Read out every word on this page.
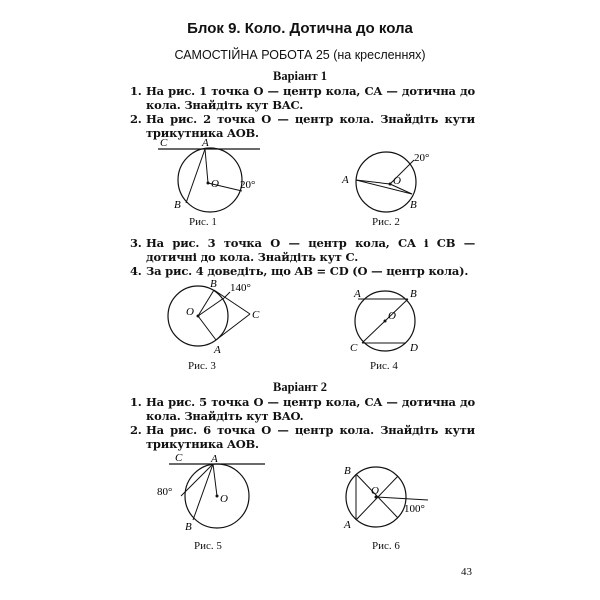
Блок 9. Коло. Дотична до кола
САМОСТІЙНА РОБОТА 25 (на кресленнях)
Варіант 1
1. На рис. 1 точка O — центр кола, CA — дотична до кола. Знайдіть кут BAC.
2. На рис. 2 точка O — центр кола. Знайдіть кути трикутника AOB.
C	A
O
B
20°
Рис. 1
A	O
B
20°
Рис. 2
3. На рис. 3 точка O — центр кола, CA і CB — дотичні до кола. Знайдіть кут C.
4. За рис. 4 доведіть, що AB = CD (O — центр кола).
B
O
A
C
140°
Рис. 3
A	B
O
C	D
Рис. 4
Варіант 2
1. На рис. 5 точка O — центр кола, CA — дотична до кола. Знайдіть кут BAO.
2. На рис. 6 точка O — центр кола. Знайдіть кути трикутника AOB.
C	A
O
B
80°
Рис. 5
B
O
A
100°
Рис. 6
43
